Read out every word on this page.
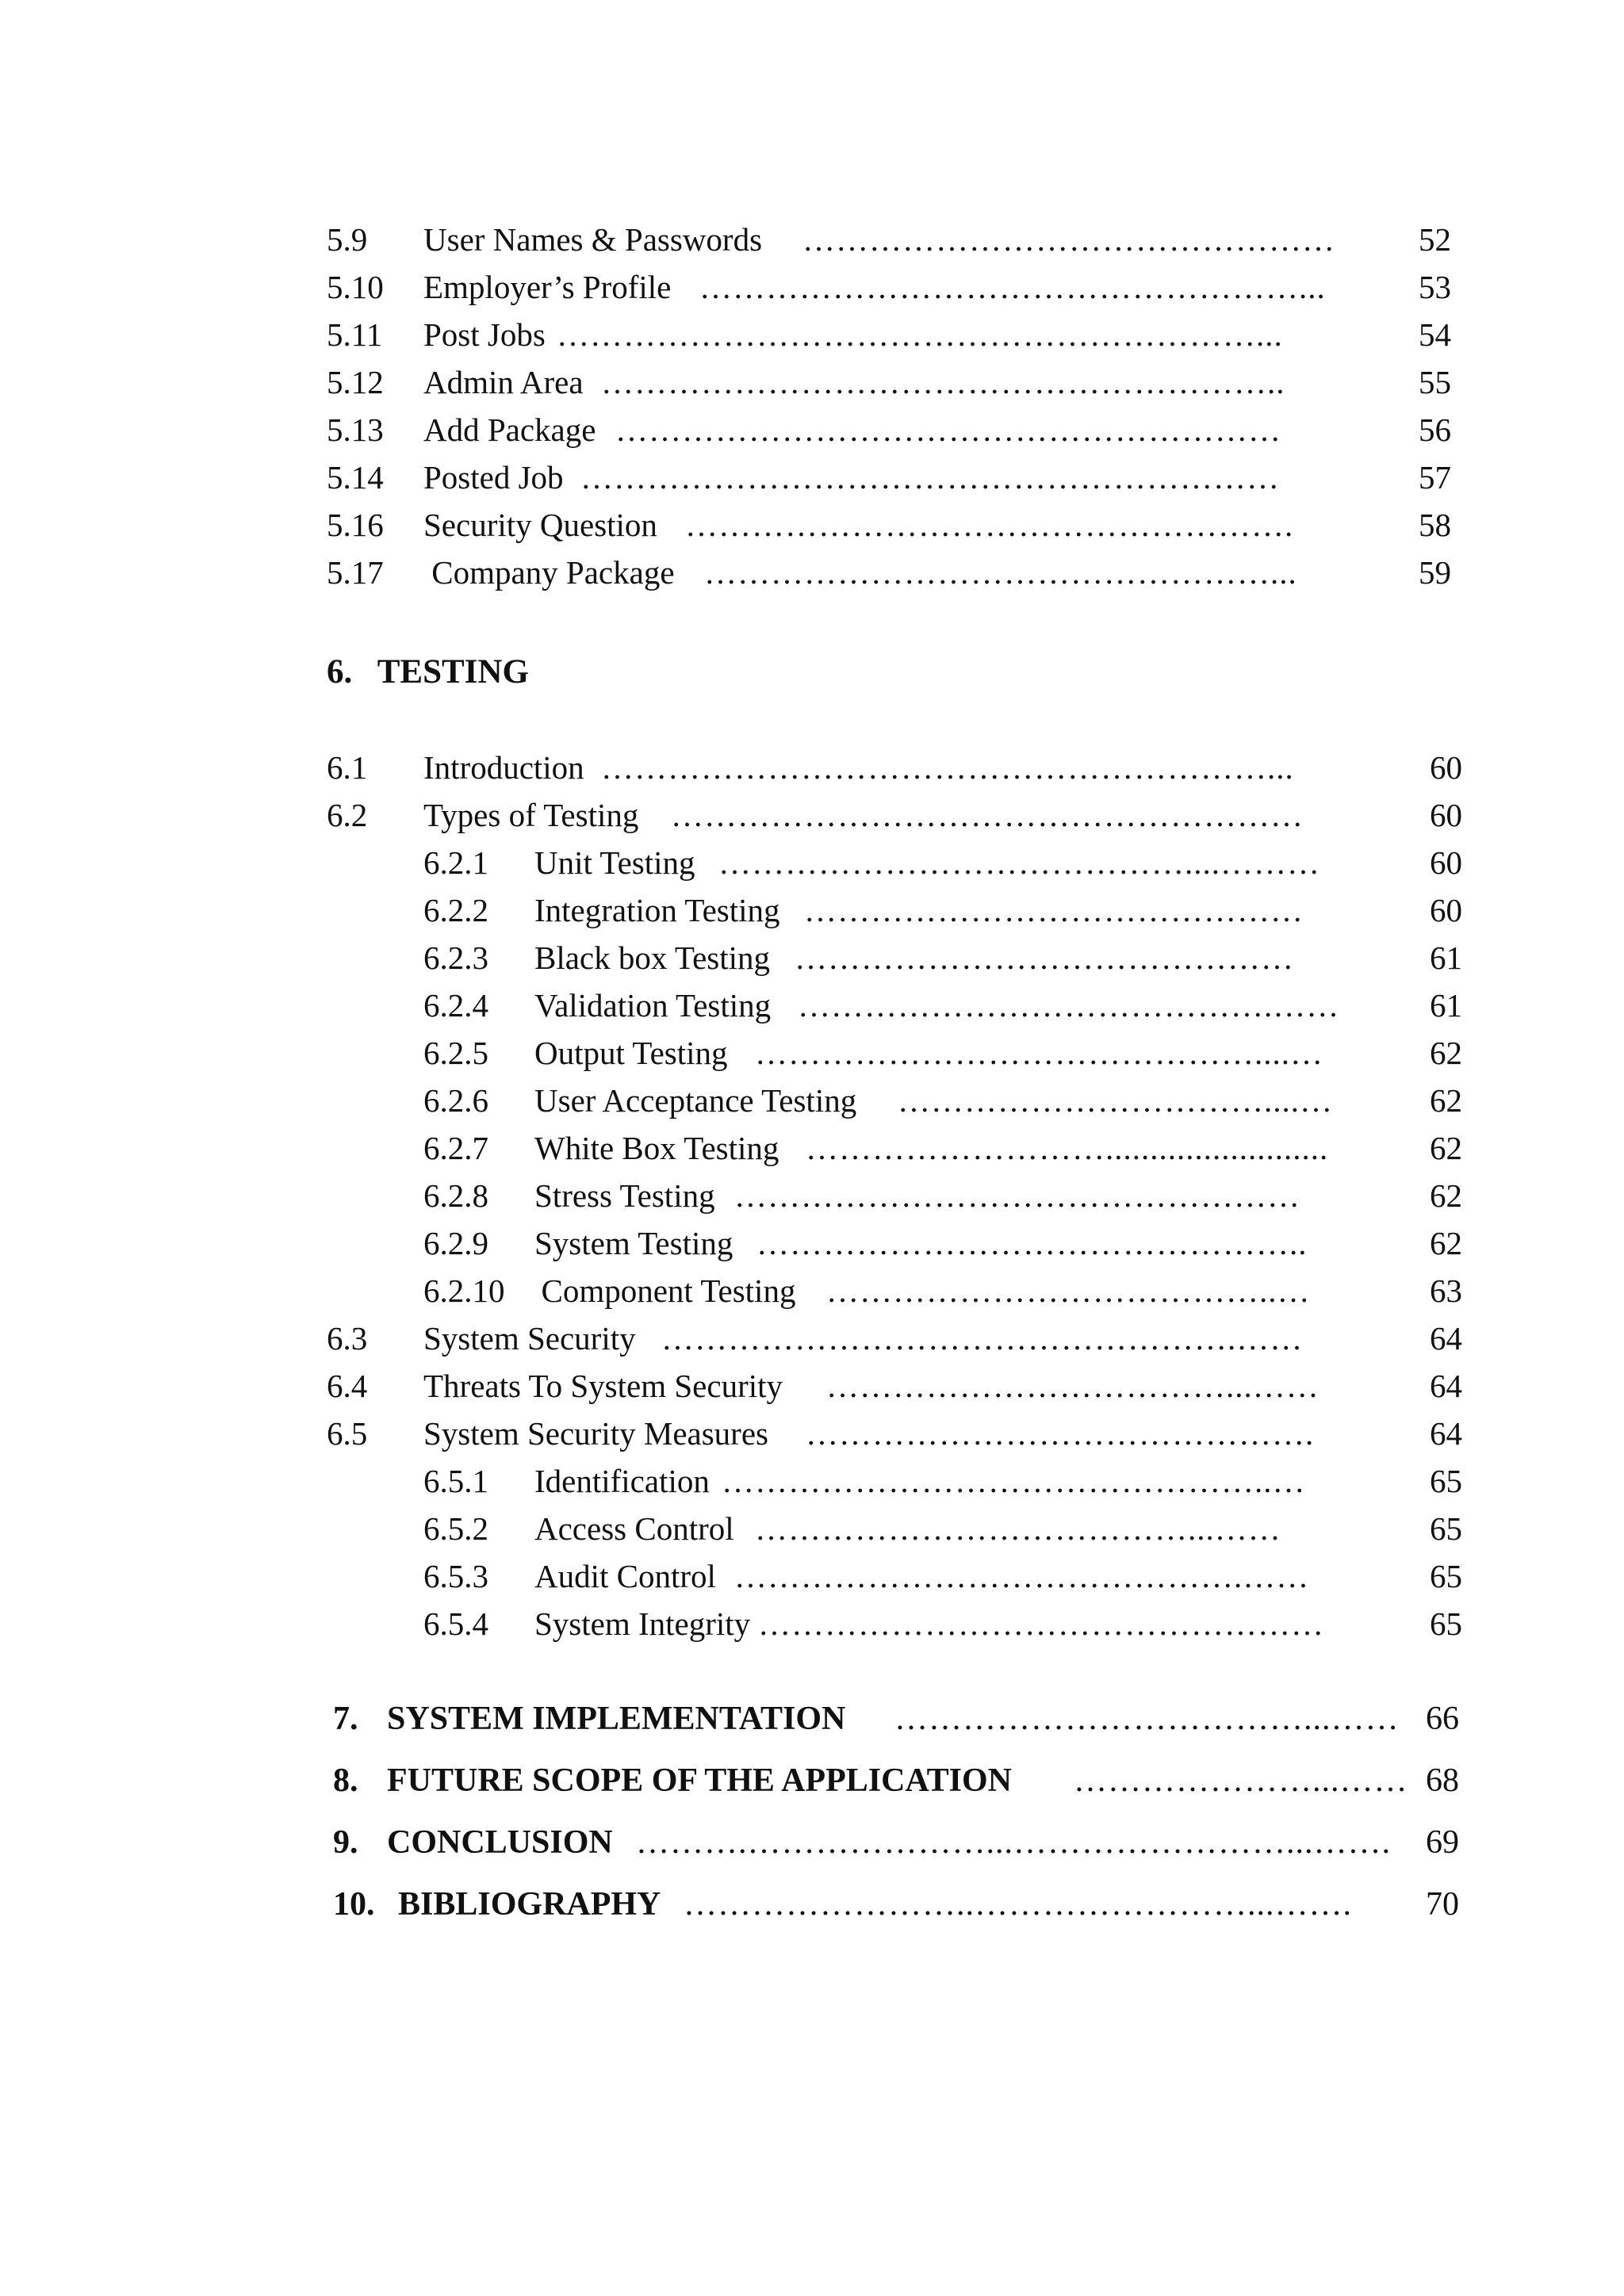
5.9 User Names & Passwords …………………………………………	52
5.10 Employer’s Profile ………………………………………………...	53
5.11 Post Jobs ………………………………………………………...	54
5.12 Admin Area ……………………………………………………..	55
5.13 Add Package ……………………………………………………	56
5.14 Posted Job ………………………………………………………	57
5.16 Security Question ……………………………………………….	58
5.17 Company Package ……………………………………………...	59
6.   TESTING
6.1 Introduction ……………………………………………………...	60
6.2 Types of Testing …………………………………………………	60
6.2.1 Unit Testing ……………………………………....………	60
6.2.2 Integration Testing ………………………………………	60
6.2.3 Black box Testing ………………………………………	61
6.2.4 Validation Testing …………………………………….……	61
6.2.5 Output Testing ………………………………………....…	62
6.2.6 User Acceptance Testing ……………………………....…	62
6.2.7 White Box Testing ……………………….........................	62
6.2.8 Stress Testing ……………………………………………	62
6.2.9 System Testing …………………………………………..	62
6.2.10 Component Testing …………………………………..…	63
6.3 System Security …………………………………………….……	64
6.4 Threats To System Security ………………………………...……	64
6.5 System Security Measures ……………………………………….	64
6.5.1 Identification …………………………………………..…	65
6.5.2 Access Control …………………………………...……	65
6.5.3 Audit Control ……………………………………….……	65
6.5.4 System Integrity ……………………………………………	65
7. SYSTEM IMPLEMENTATION ………………………………...…… 66
8. FUTURE SCOPE OF THE APPLICATION …………………...…… 68
9. CONCLUSION ……….…………………...……………………...…….	69
10. BIBLIOGRAPHY ……………………..……………………...…….	70
